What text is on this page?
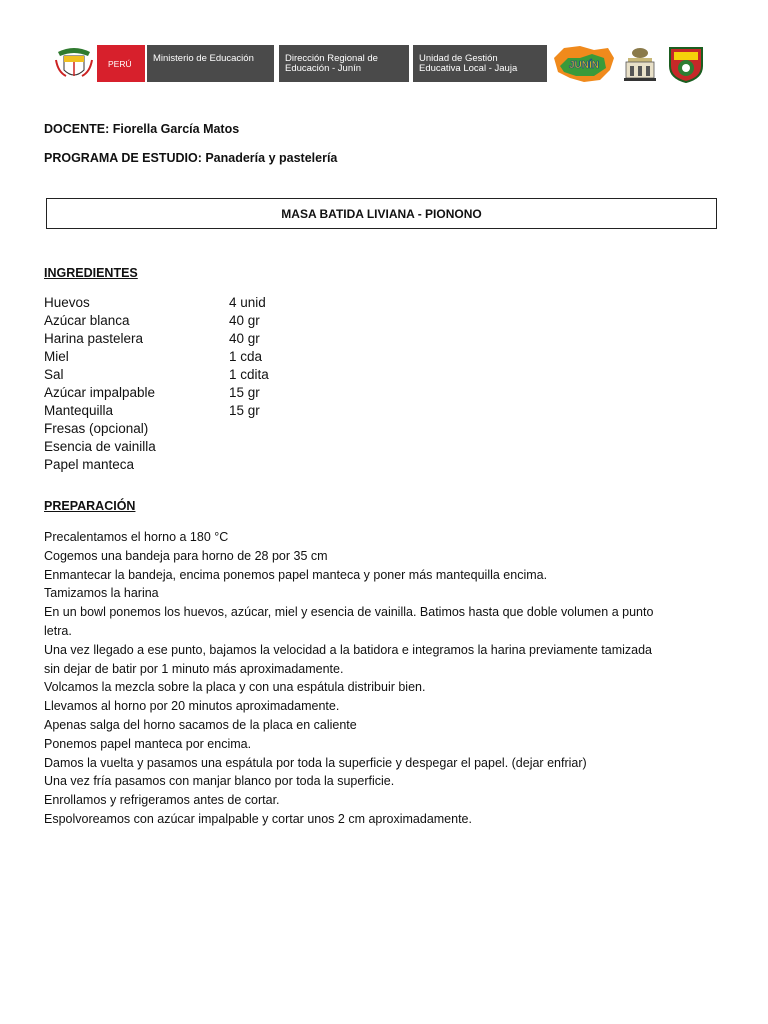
PERÚ	Ministerio de Educación	Dirección Regional de Educación - Junín
Unidad de Gestión Educativa Local - Jauja	JUNÍN
DOCENTE: Fiorella García Matos
PROGRAMA DE ESTUDIO: Panadería y pastelería
MASA BATIDA LIVIANA - PIONONO
INGREDIENTES
Huevos	4 unid
Azúcar blanca	40 gr
Harina pastelera	40 gr
Miel	1 cda
Sal	1 cdita
Azúcar impalpable	15 gr
Mantequilla	15 gr
Fresas (opcional)
Esencia de vainilla
Papel manteca
PREPARACIÓN
Precalentamos el horno a 180 °C
Cogemos una bandeja para horno de 28 por 35 cm
Enmantecar la bandeja, encima ponemos papel manteca y poner más mantequilla encima.
Tamizamos la harina
En un bowl ponemos los huevos, azúcar, miel y esencia de vainilla. Batimos hasta que doble volumen a punto letra.
Una vez llegado a ese punto, bajamos la velocidad a la batidora e integramos la harina previamente tamizada sin dejar de batir por 1 minuto más aproximadamente.
Volcamos la mezcla sobre la placa y con una espátula distribuir bien.
Llevamos al horno por 20 minutos aproximadamente.
Apenas salga del horno sacamos de la placa en caliente
Ponemos papel manteca por encima.
Damos la vuelta y pasamos una espátula por toda la superficie y despegar el papel. (dejar enfriar)
Una vez fría pasamos con manjar blanco por toda la superficie.
Enrollamos y refrigeramos antes de cortar.
Espolvoreamos con azúcar impalpable y cortar unos 2 cm aproximadamente.
